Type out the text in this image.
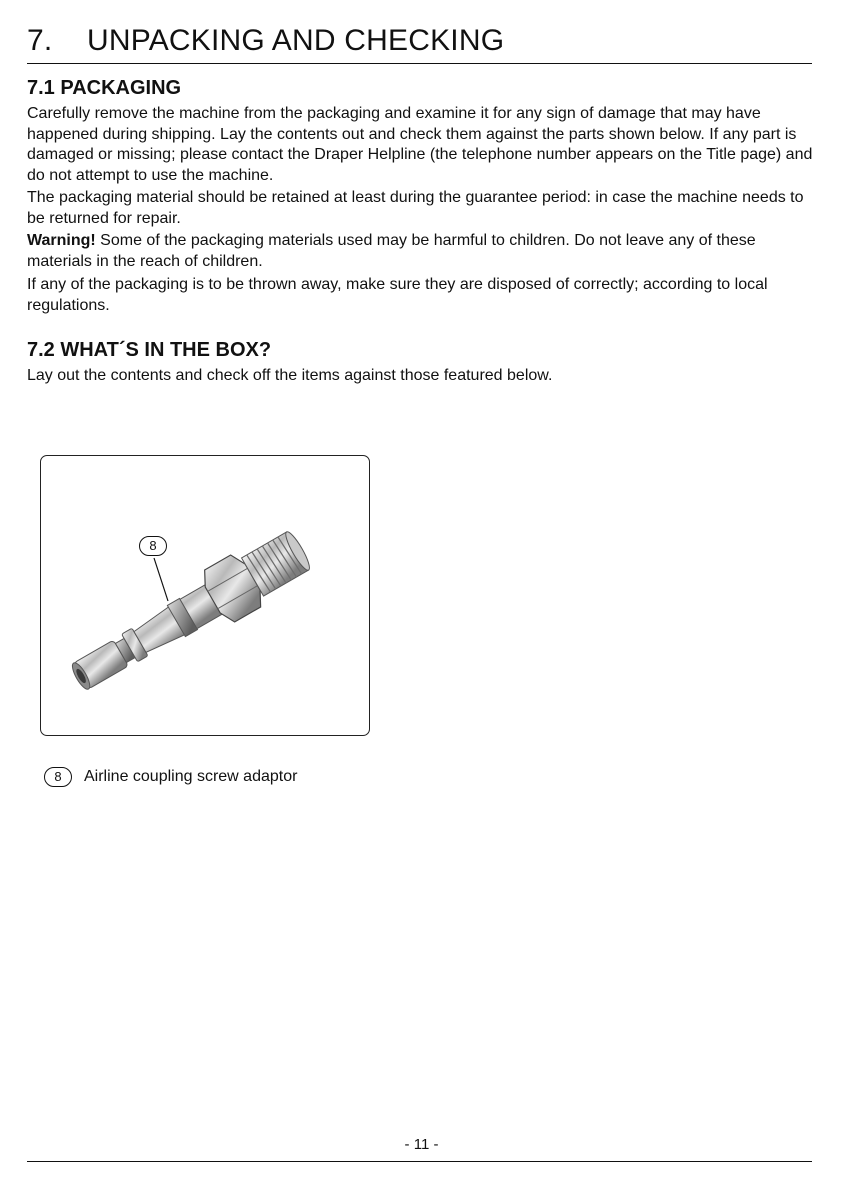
7.	UNPACKING AND CHECKING
7.1 PACKAGING

Carefully remove the machine from the packaging and examine it for any sign of damage that may have happened during shipping. Lay the contents out and check them against the parts shown below. If any part is damaged or missing; please contact the Draper Helpline (the telephone number appears on the Title page) and do not attempt to use the machine.

The packaging material should be retained at least during the guarantee period: in case the machine needs to be returned for repair.

Warning! Some of the packaging materials used may be harmful to children. Do not leave any of these materials in the reach of children.

If any of the packaging is to be thrown away, make sure they are disposed of correctly; according to local regulations.

7.2 WHAT´S IN THE BOX?

Lay out the contents and check off the items against those featured below.

8
8	Airline coupling screw adaptor
- 11 -
